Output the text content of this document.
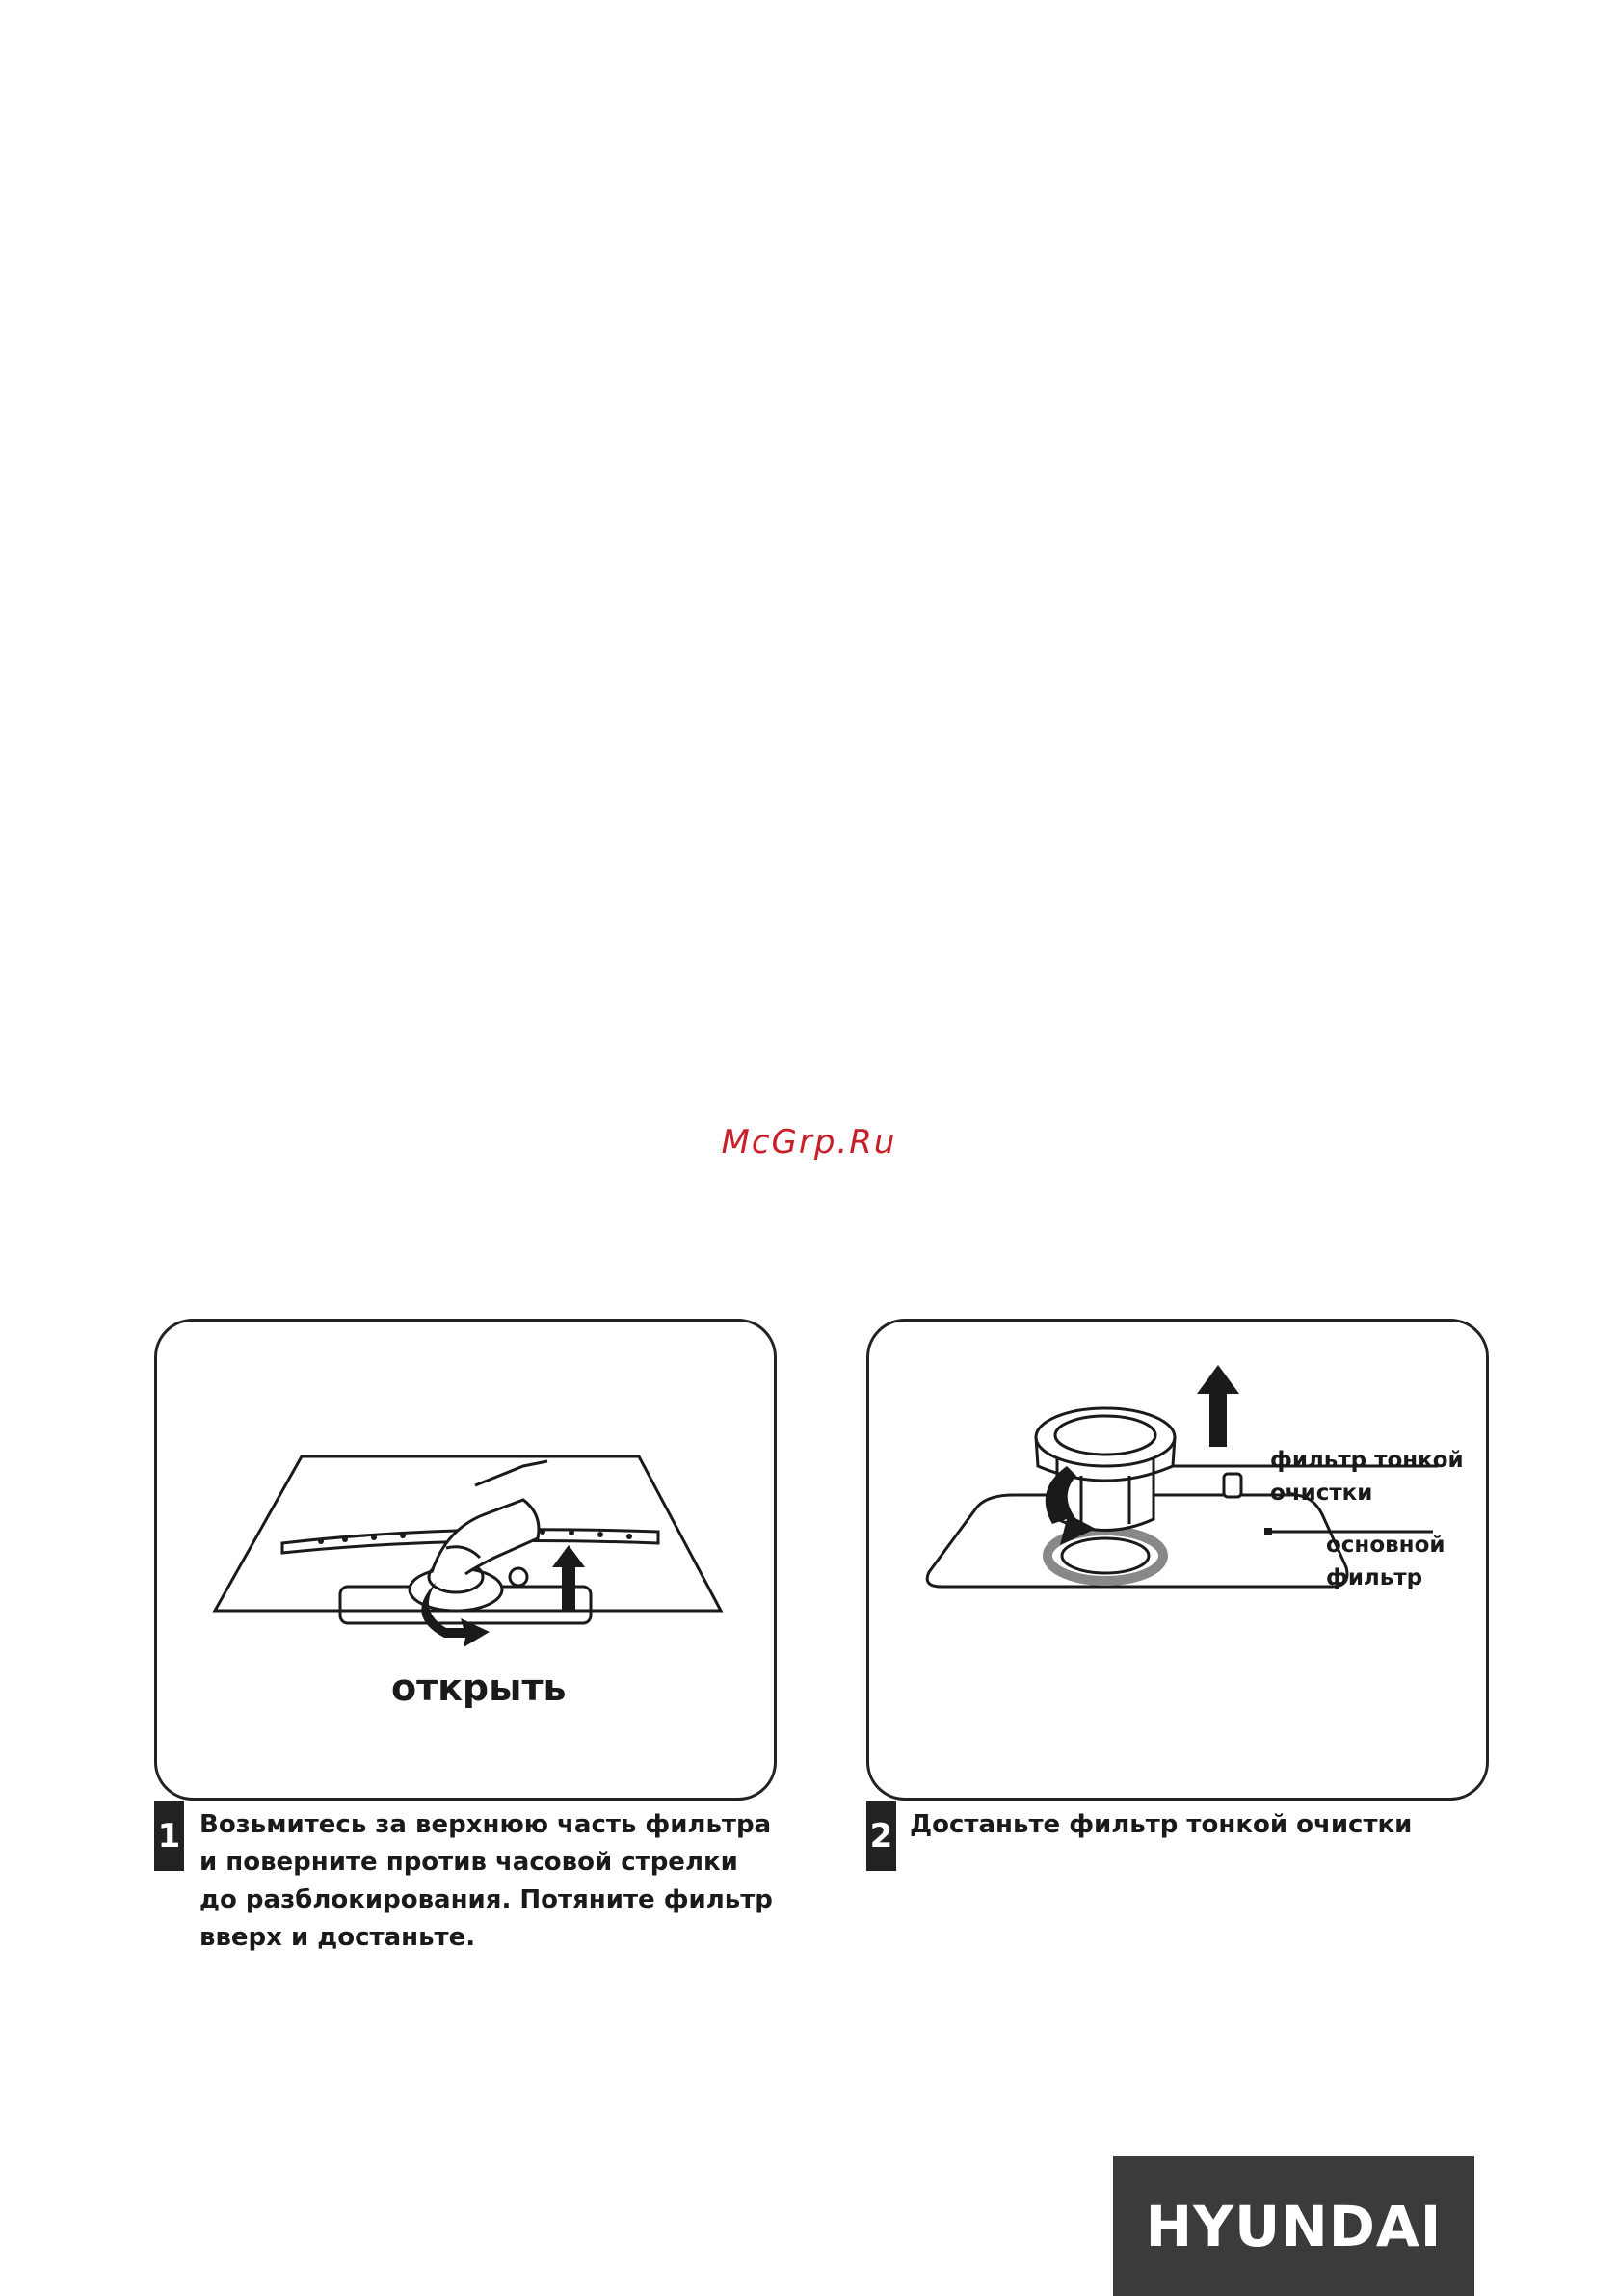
McGrp.Ru
открыть
1 Возьмитесь за верхнюю часть фильтра
и поверните против часовой стрелки
до разблокирования. Потяните фильтр
вверх и достаньте.
фильтр тонкой
очистки
основной
фильтр
2 Достаньте фильтр тонкой очистки
HYUNDAI
